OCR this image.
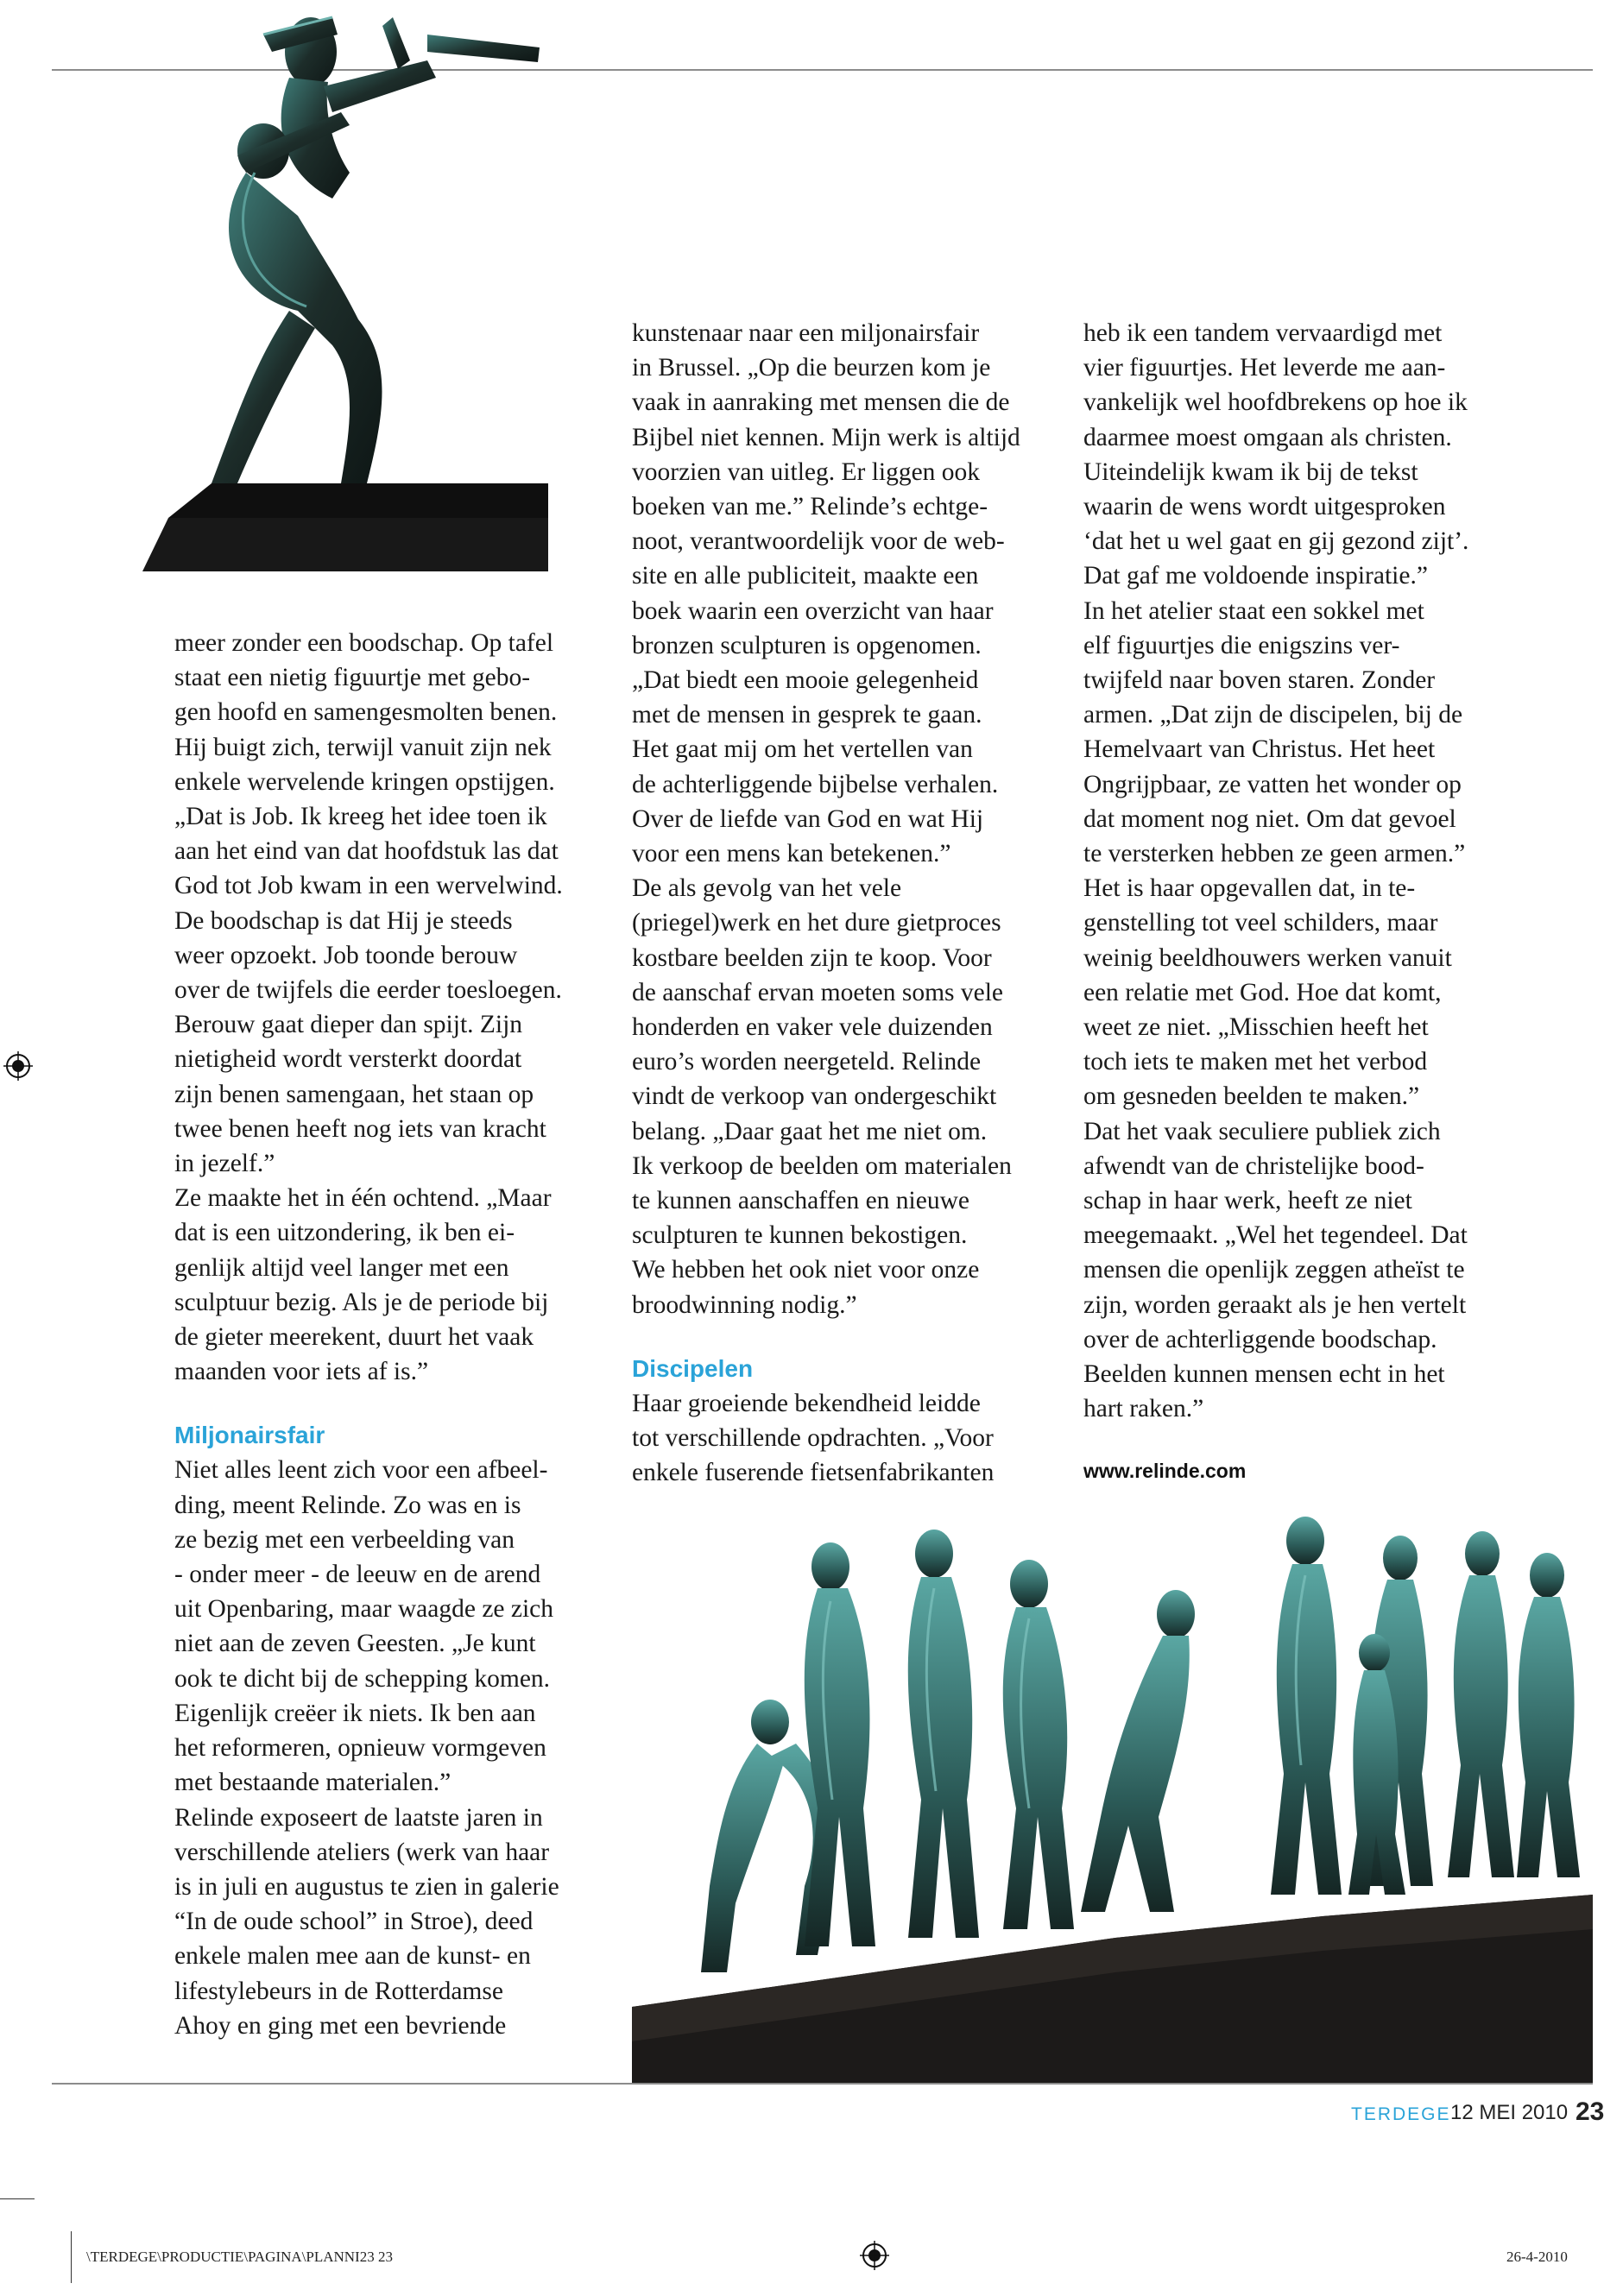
meer zonder een boodschap. Op tafel

staat een nietig figuurtje met gebo-

gen hoofd en samengesmolten benen.

Hij buigt zich, terwijl vanuit zijn nek

enkele wervelende kringen opstijgen.

„Dat is Job. Ik kreeg het idee toen ik

aan het eind van dat hoofdstuk las dat

God tot Job kwam in een wervelwind.

De boodschap is dat Hij je steeds

weer opzoekt. Job toonde berouw

over de twijfels die eerder toesloegen.

Berouw gaat dieper dan spijt. Zijn

nietigheid wordt versterkt doordat

zijn benen samengaan, het staan op

twee benen heeft nog iets van kracht

in jezelf.”

Ze maakte het in één ochtend. „Maar

dat is een uitzondering, ik ben ei-

genlijk altijd veel langer met een

sculptuur bezig. Als je de periode bij

de gieter meerekent, duurt het vaak

maanden voor iets af is.”

Miljonairsfair

Niet alles leent zich voor een afbeel-

ding, meent Relinde. Zo was en is

ze bezig met een verbeelding van

- onder meer - de leeuw en de arend

uit Openbaring, maar waagde ze zich

niet aan de zeven Geesten. „Je kunt

ook te dicht bij de schepping komen.

Eigenlijk creëer ik niets. Ik ben aan

het reformeren, opnieuw vormgeven

met bestaande materialen.”

Relinde exposeert de laatste jaren in

verschillende ateliers (werk van haar

is in juli en augustus te zien in galerie

“In de oude school” in Stroe), deed

enkele malen mee aan de kunst- en

lifestylebeurs in de Rotterdamse

Ahoy en ging met een bevriende

kunstenaar naar een miljonairsfair

in Brussel. „Op die beurzen kom je

vaak in aanraking met mensen die de

Bijbel niet kennen. Mijn werk is altijd

voorzien van uitleg. Er liggen ook

boeken van me.” Relinde’s echtge-

noot, verantwoordelijk voor de web-

site en alle publiciteit, maakte een

boek waarin een overzicht van haar

bronzen sculpturen is opgenomen.

„Dat biedt een mooie gelegenheid

met de mensen in gesprek te gaan.

Het gaat mij om het vertellen van

de achterliggende bijbelse verhalen.

Over de liefde van God en wat Hij

voor een mens kan betekenen.”

De als gevolg van het vele

(priegel)werk en het dure gietproces

kostbare beelden zijn te koop. Voor

de aanschaf ervan moeten soms vele

honderden en vaker vele duizenden

euro’s worden neergeteld. Relinde

vindt de verkoop van ondergeschikt

belang. „Daar gaat het me niet om.

Ik verkoop de beelden om materialen

te kunnen aanschaffen en nieuwe

sculpturen te kunnen bekostigen.

We hebben het ook niet voor onze

broodwinning nodig.”

Discipelen

Haar groeiende bekendheid leidde

tot verschillende opdrachten. „Voor

enkele fuserende fietsenfabrikanten

heb ik een tandem vervaardigd met

vier figuurtjes. Het leverde me aan-

vankelijk wel hoofdbrekens op hoe ik

daarmee moest omgaan als christen.

Uiteindelijk kwam ik bij de tekst

waarin de wens wordt uitgesproken

‘dat het u wel gaat en gij gezond zijt’.

Dat gaf me voldoende inspiratie.”

In het atelier staat een sokkel met

elf figuurtjes die enigszins ver-

twijfeld naar boven staren. Zonder

armen. „Dat zijn de discipelen, bij de

Hemelvaart van Christus. Het heet

Ongrijpbaar, ze vatten het wonder op

dat moment nog niet. Om dat gevoel

te versterken hebben ze geen armen.”

Het is haar opgevallen dat, in te-

genstelling tot veel schilders, maar

weinig beeldhouwers werken vanuit

een relatie met God. Hoe dat komt,

weet ze niet. „Misschien heeft het

toch iets te maken met het verbod

om gesneden beelden te maken.”

Dat het vaak seculiere publiek zich

afwendt van de christelijke bood-

schap in haar werk, heeft ze niet

meegemaakt. „Wel het tegendeel. Dat

mensen die openlijk zeggen atheïst te

zijn, worden geraakt als je hen vertelt

over de achterliggende boodschap.

Beelden kunnen mensen echt in het

hart raken.”

www.relinde.com
TERDEGE 12 MEI 2010 23
\TERDEGE\PRODUCTIE\PAGINA\PLANNI23 23	26-4-2010
